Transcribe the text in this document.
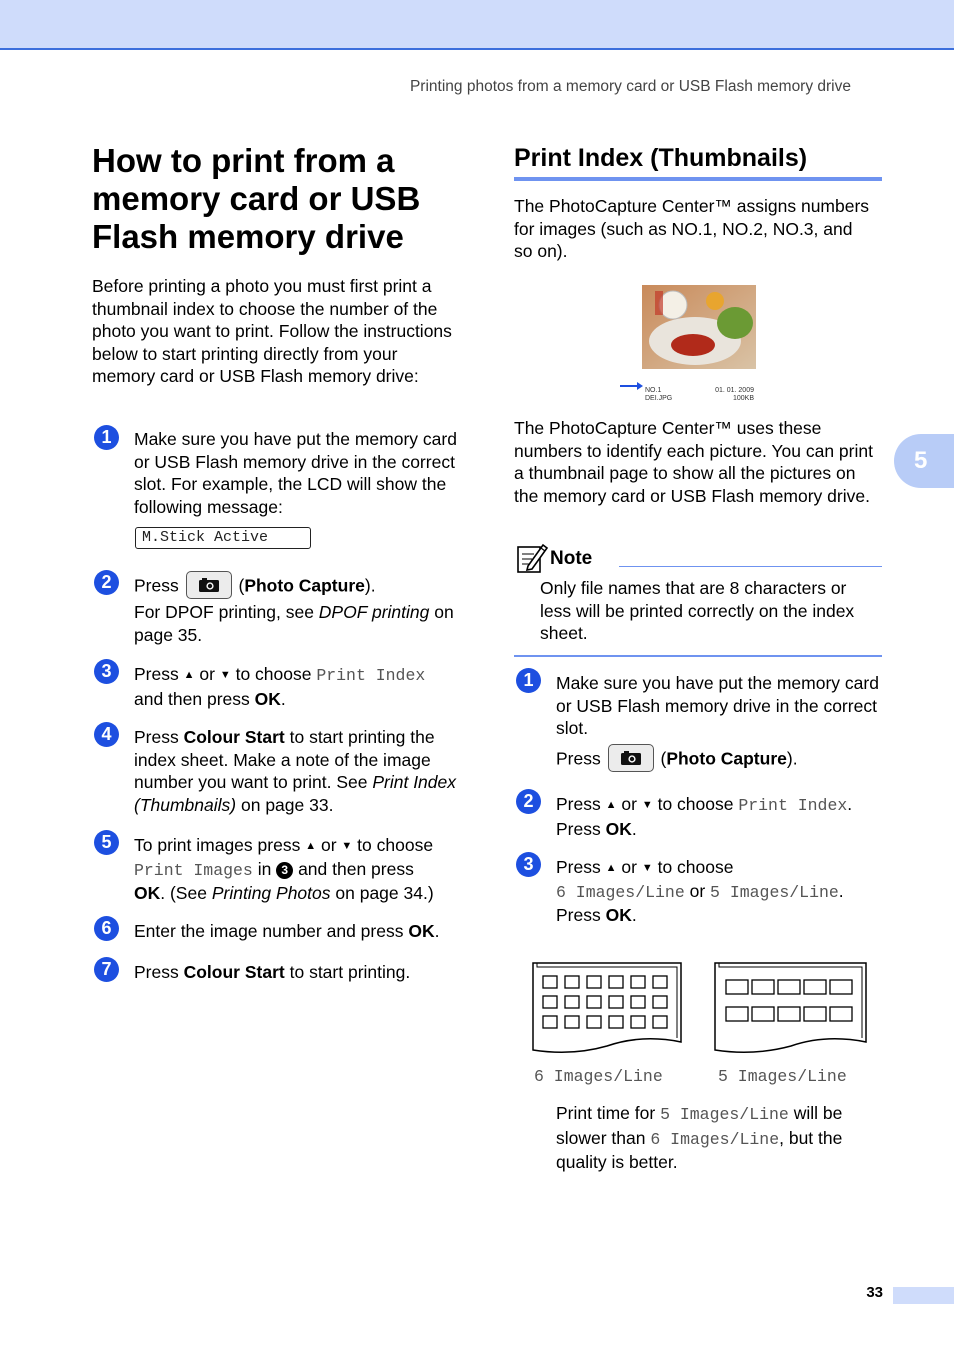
Printing photos from a memory card or USB Flash memory drive
How to print from a memory card or USB Flash memory drive

Before printing a photo you must first print a thumbnail index to choose the number of the photo you want to print. Follow the instructions below to start printing directly from your memory card or USB Flash memory drive:

1	Make sure you have put the memory card or USB Flash memory drive in the correct slot. For example, the LCD will show the following message:

M.Stick Active
2	Press	(Photo Capture).
For DPOF printing, see DPOF printing on page 35.

3	Press ▲ or ▼ to choose Print Index
and then press OK.

4	Press Colour Start to start printing the index sheet. Make a note of the image number you want to print. See Print Index (Thumbnails) on page 33.

5	To print images press ▲ or ▼ to choose
Print Images in 3 and then press
OK. (See Printing Photos on page 34.)

6	Enter the image number and press OK.

7	Press Colour Start to start printing.

Print Index (Thumbnails)

The PhotoCapture Center™ assigns numbers for images (such as NO.1, NO.2, NO.3, and so on).

NO.1
DEI.JPG
01. 01. 2009
100KB

The PhotoCapture Center™ uses these numbers to identify each picture. You can print a thumbnail page to show all the pictures on the memory card or USB Flash memory drive.

5
Note

Only file names that are 8 characters or less will be printed correctly on the index sheet.

1	Make sure you have put the memory card or USB Flash memory drive in the correct slot.

Press	(Photo Capture).

2	Press ▲ or ▼ to choose Print Index.
Press OK.

3	Press ▲ or ▼ to choose
6 Images/Line or 5 Images/Line.
Press OK.

6 Images/Line	5 Images/Line

Print time for 5 Images/Line will be slower than 6 Images/Line, but the quality is better.

33
